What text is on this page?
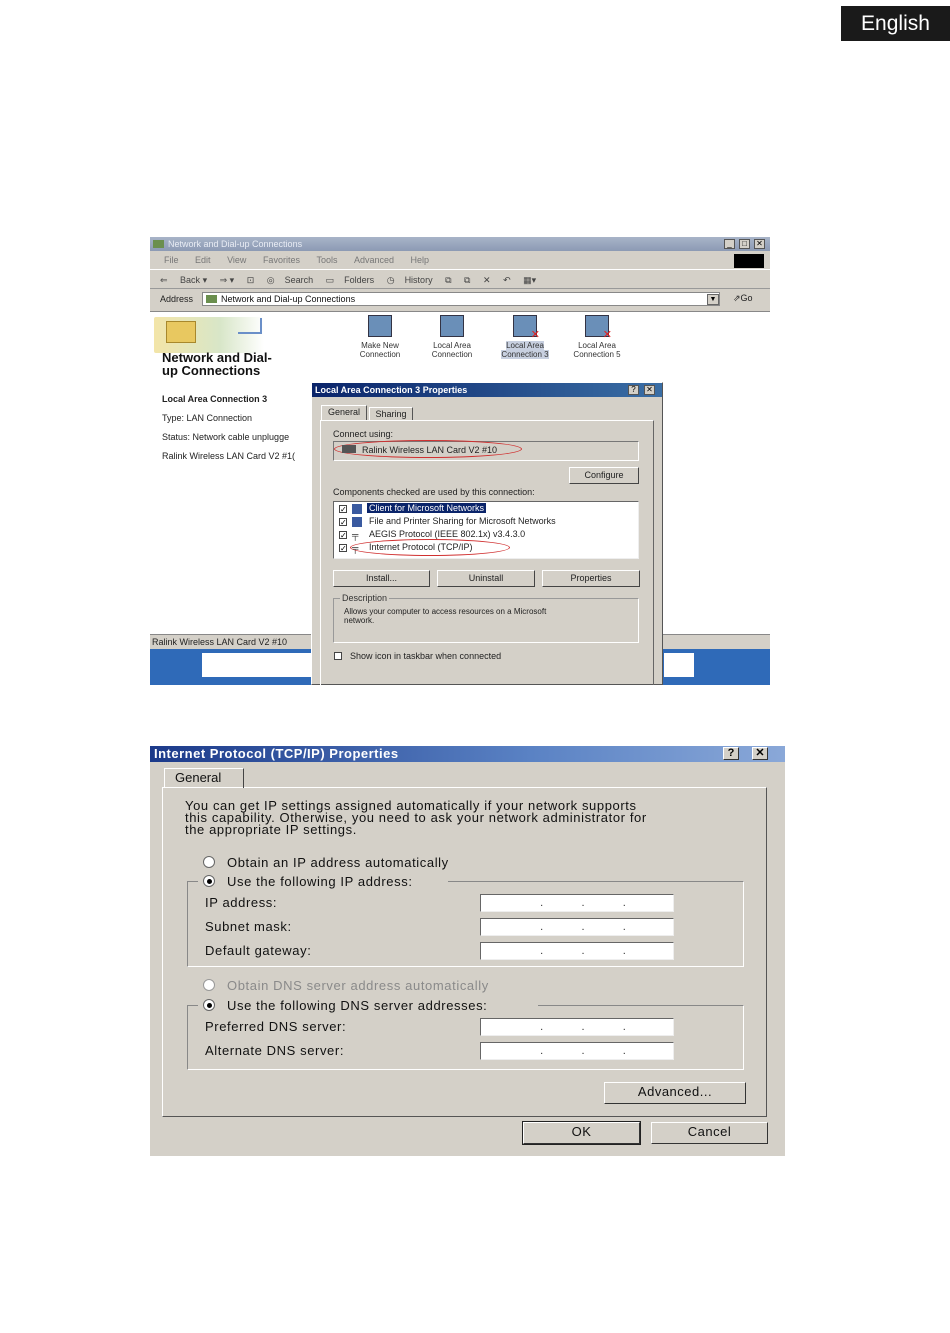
English
Network and Dial-up Connections	_	□	✕
File Edit View Favorites Tools Advanced Help
⇐ Back ▾ ⇒ ▾ ⊡ ◎ Search ▭ Folders ◷ History ⧉ ⧉ ✕ ↶ ▦▾
Address	Network and Dial-up Connections	▼ ⇗Go
Network and Dial-
up Connections
Local Area Connection 3
Type: LAN Connection
Status: Network cable unplugge
Ralink Wireless LAN Card V2 #1(
Make New
Connection
Local Area
Connection
✕
Local Area
Connection 3
✕
Local Area
Connection 5
Ralink Wireless LAN Card V2 #10
Local Area Connection 3 Properties	?	✕
General	Sharing
Connect using:
Ralink Wireless LAN Card V2 #10
Configure
Components checked are used by this connection:
✓ Client for Microsoft Networks
✓ File and Printer Sharing for Microsoft Networks
✓ ╤	AEGIS Protocol (IEEE 802.1x) v3.4.3.0
✓ ╤	Internet Protocol (TCP/IP)
Install...	Uninstall	Properties
Description
Allows your computer to access resources on a Microsoft
network.
Show icon in taskbar when connected
Internet Protocol (TCP/IP) Properties	?	✕
General
You can get IP settings assigned automatically if your network supports
this capability. Otherwise, you need to ask your network administrator for
the appropriate IP settings.
Obtain an IP address automatically
Use the following IP address:
IP address:	.	.	.
Subnet mask:	.	.	.
Default gateway:	.	.	.
Obtain DNS server address automatically
Use the following DNS server addresses:
Preferred DNS server:	.	.	.
Alternate DNS server:	.	.	.
Advanced...
OK	Cancel
